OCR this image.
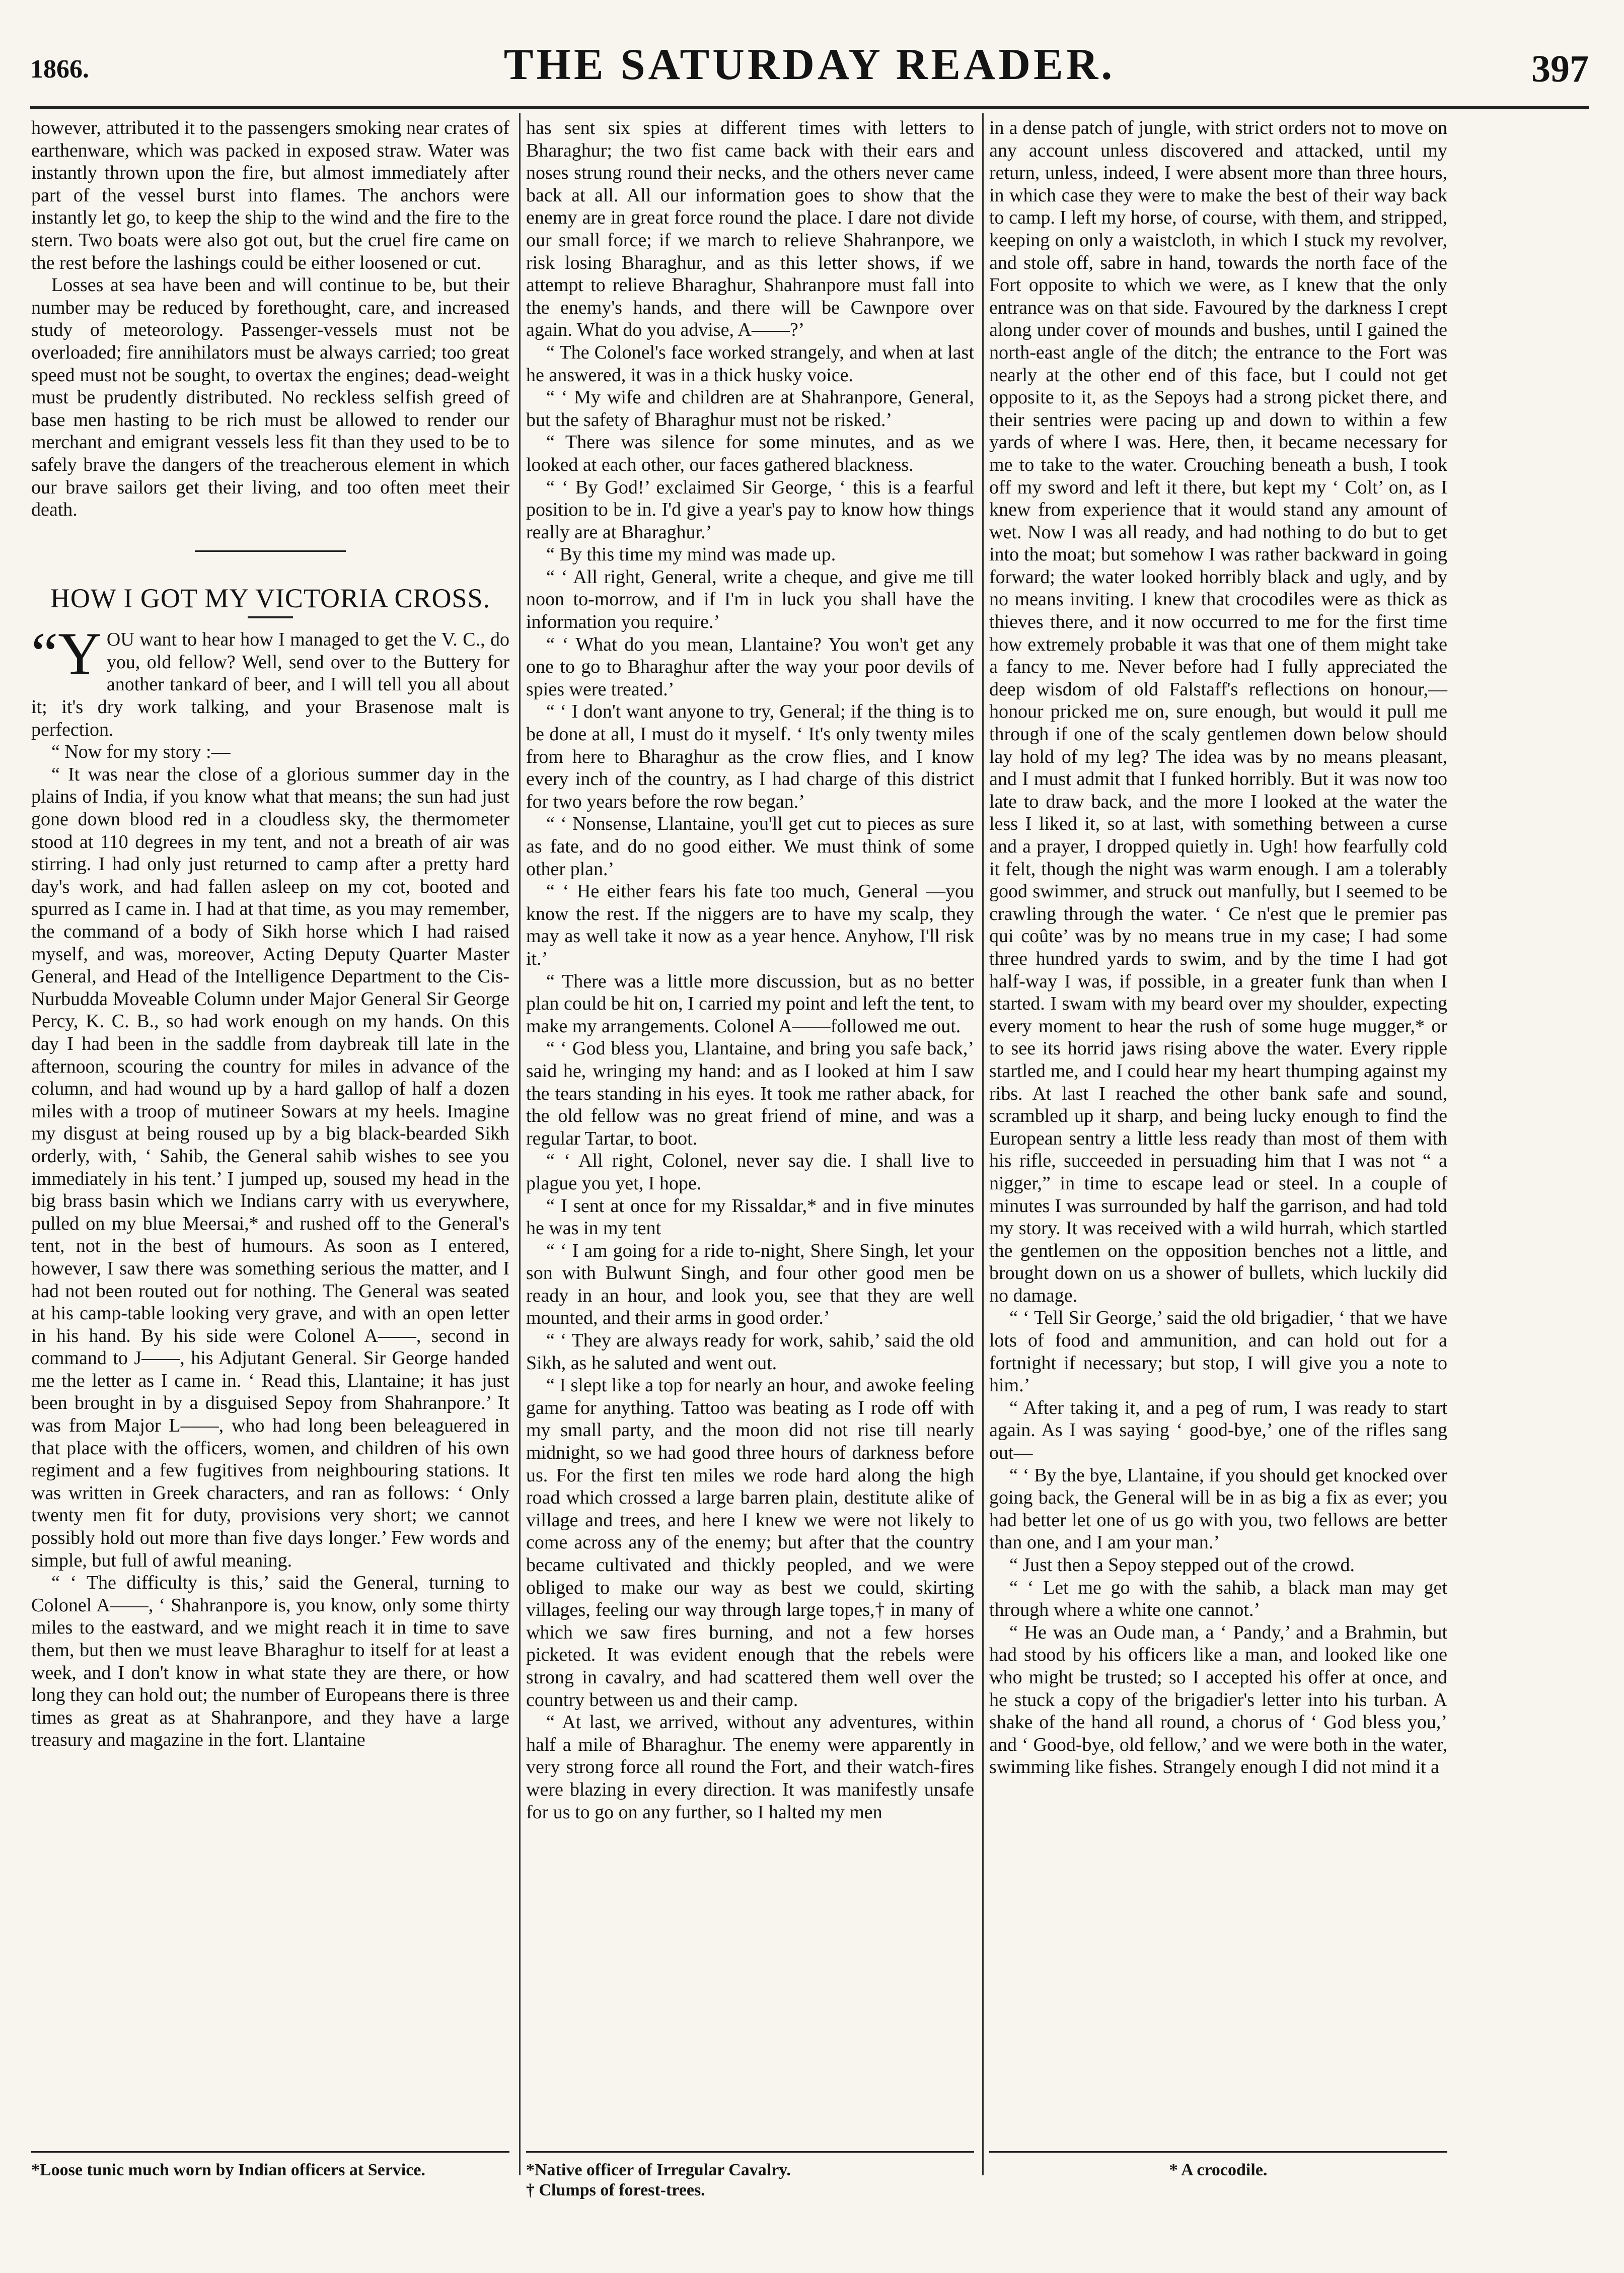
1866.	THE SATURDAY READER.	397

however, attributed it to the passengers smoking near crates of earthenware, which was packed in exposed straw. Water was instantly thrown upon the fire, but almost immediately after part of the vessel burst into flames. The anchors were instantly let go, to keep the ship to the wind and the fire to the stern. Two boats were also got out, but the cruel fire came on the rest before the lashings could be either loosened or cut.

Losses at sea have been and will continue to be, but their number may be reduced by forethought, care, and increased study of meteorology. Passenger-vessels must not be overloaded; fire annihilators must be always carried; too great speed must not be sought, to overtax the engines; dead-weight must be prudently distributed. No reckless selfish greed of base men hasting to be rich must be allowed to render our merchant and emigrant vessels less fit than they used to be to safely brave the dangers of the treacherous element in which our brave sailors get their living, and too often meet their death.

HOW I GOT MY VICTORIA CROSS.

“YOU want to hear how I managed to get the V. C., do you, old fellow? Well, send over to the Buttery for another tankard of beer, and I will tell you all about it; it's dry work talking, and your Brasenose malt is perfection.

“ Now for my story :—

“ It was near the close of a glorious summer day in the plains of India, if you know what that means; the sun had just gone down blood red in a cloudless sky, the thermometer stood at 110 degrees in my tent, and not a breath of air was stirring. I had only just returned to camp after a pretty hard day's work, and had fallen asleep on my cot, booted and spurred as I came in. I had at that time, as you may remember, the command of a body of Sikh horse which I had raised myself, and was, moreover, Acting Deputy Quarter Master General, and Head of the Intelligence Department to the Cis-Nurbudda Moveable Column under Major General Sir George Percy, K. C. B., so had work enough on my hands. On this day I had been in the saddle from daybreak till late in the afternoon, scouring the country for miles in advance of the column, and had wound up by a hard gallop of half a dozen miles with a troop of mutineer Sowars at my heels. Imagine my disgust at being roused up by a big black-bearded Sikh orderly, with, ‘ Sahib, the General sahib wishes to see you immediately in his tent.’ I jumped up, soused my head in the big brass basin which we Indians carry with us everywhere, pulled on my blue Meersai,* and rushed off to the General's tent, not in the best of humours. As soon as I entered, however, I saw there was something serious the matter, and I had not been routed out for nothing. The General was seated at his camp-table looking very grave, and with an open letter in his hand. By his side were Colonel A——, second in command to J——, his Adjutant General. Sir George handed me the letter as I came in. ‘ Read this, Llantaine; it has just been brought in by a disguised Sepoy from Shahranpore.’ It was from Major L——, who had long been beleaguered in that place with the officers, women, and children of his own regiment and a few fugitives from neighbouring stations. It was written in Greek characters, and ran as follows: ‘ Only twenty men fit for duty, provisions very short; we cannot possibly hold out more than five days longer.’ Few words and simple, but full of awful meaning.

“ ‘ The difficulty is this,’ said the General, turning to Colonel A——, ‘ Shahranpore is, you know, only some thirty miles to the eastward, and we might reach it in time to save them, but then we must leave Bharaghur to itself for at least a week, and I don't know in what state they are there, or how long they can hold out; the number of Europeans there is three times as great as at Shahranpore, and they have a large treasury and magazine in the fort. Llantaine

*Loose tunic much worn by Indian officers at Service.

has sent six spies at different times with letters to Bharaghur; the two fist came back with their ears and noses strung round their necks, and the others never came back at all. All our information goes to show that the enemy are in great force round the place. I dare not divide our small force; if we march to relieve Shahranpore, we risk losing Bharaghur, and as this letter shows, if we attempt to relieve Bharaghur, Shahranpore must fall into the enemy's hands, and there will be Cawnpore over again. What do you advise, A——?’

“ The Colonel's face worked strangely, and when at last he answered, it was in a thick husky voice.

“ ‘ My wife and children are at Shahranpore, General, but the safety of Bharaghur must not be risked.’

“ There was silence for some minutes, and as we looked at each other, our faces gathered blackness.

“ ‘ By God!’ exclaimed Sir George, ‘ this is a fearful position to be in. I'd give a year's pay to know how things really are at Bharaghur.’

“ By this time my mind was made up.

“ ‘ All right, General, write a cheque, and give me till noon to-morrow, and if I'm in luck you shall have the information you require.’

“ ‘ What do you mean, Llantaine? You won't get any one to go to Bharaghur after the way your poor devils of spies were treated.’

“ ‘ I don't want anyone to try, General; if the thing is to be done at all, I must do it myself. ‘ It's only twenty miles from here to Bharaghur as the crow flies, and I know every inch of the country, as I had charge of this district for two years before the row began.’

“ ‘ Nonsense, Llantaine, you'll get cut to pieces as sure as fate, and do no good either. We must think of some other plan.’

“ ‘ He either fears his fate too much, General —you know the rest. If the niggers are to have my scalp, they may as well take it now as a year hence. Anyhow, I'll risk it.’

“ There was a little more discussion, but as no better plan could be hit on, I carried my point and left the tent, to make my arrangements. Colonel A——followed me out.

“ ‘ God bless you, Llantaine, and bring you safe back,’ said he, wringing my hand: and as I looked at him I saw the tears standing in his eyes. It took me rather aback, for the old fellow was no great friend of mine, and was a regular Tartar, to boot.

“ ‘ All right, Colonel, never say die. I shall live to plague you yet, I hope.

“ I sent at once for my Rissaldar,* and in five minutes he was in my tent

“ ‘ I am going for a ride to-night, Shere Singh, let your son with Bulwunt Singh, and four other good men be ready in an hour, and look you, see that they are well mounted, and their arms in good order.’

“ ‘ They are always ready for work, sahib,’ said the old Sikh, as he saluted and went out.

“ I slept like a top for nearly an hour, and awoke feeling game for anything. Tattoo was beating as I rode off with my small party, and the moon did not rise till nearly midnight, so we had good three hours of darkness before us. For the first ten miles we rode hard along the high road which crossed a large barren plain, destitute alike of village and trees, and here I knew we were not likely to come across any of the enemy; but after that the country became cultivated and thickly peopled, and we were obliged to make our way as best we could, skirting villages, feeling our way through large topes,† in many of which we saw fires burning, and not a few horses picketed. It was evident enough that the rebels were strong in cavalry, and had scattered them well over the country between us and their camp.

“ At last, we arrived, without any adventures, within half a mile of Bharaghur. The enemy were apparently in very strong force all round the Fort, and their watch-fires were blazing in every direction. It was manifestly unsafe for us to go on any further, so I halted my men

*Native officer of Irregular Cavalry.
† Clumps of forest-trees.

in a dense patch of jungle, with strict orders not to move on any account unless discovered and attacked, until my return, unless, indeed, I were absent more than three hours, in which case they were to make the best of their way back to camp. I left my horse, of course, with them, and stripped, keeping on only a waistcloth, in which I stuck my revolver, and stole off, sabre in hand, towards the north face of the Fort opposite to which we were, as I knew that the only entrance was on that side. Favoured by the darkness I crept along under cover of mounds and bushes, until I gained the north-east angle of the ditch; the entrance to the Fort was nearly at the other end of this face, but I could not get opposite to it, as the Sepoys had a strong picket there, and their sentries were pacing up and down to within a few yards of where I was. Here, then, it became necessary for me to take to the water. Crouching beneath a bush, I took off my sword and left it there, but kept my ‘ Colt’ on, as I knew from experience that it would stand any amount of wet. Now I was all ready, and had nothing to do but to get into the moat; but somehow I was rather backward in going forward; the water looked horribly black and ugly, and by no means inviting. I knew that crocodiles were as thick as thieves there, and it now occurred to me for the first time how extremely probable it was that one of them might take a fancy to me. Never before had I fully appreciated the deep wisdom of old Falstaff's reflections on honour,—honour pricked me on, sure enough, but would it pull me through if one of the scaly gentlemen down below should lay hold of my leg? The idea was by no means pleasant, and I must admit that I funked horribly. But it was now too late to draw back, and the more I looked at the water the less I liked it, so at last, with something between a curse and a prayer, I dropped quietly in. Ugh! how fearfully cold it felt, though the night was warm enough. I am a tolerably good swimmer, and struck out manfully, but I seemed to be crawling through the water. ‘ Ce n'est que le premier pas qui coûte’ was by no means true in my case; I had some three hundred yards to swim, and by the time I had got half-way I was, if possible, in a greater funk than when I started. I swam with my beard over my shoulder, expecting every moment to hear the rush of some huge mugger,* or to see its horrid jaws rising above the water. Every ripple startled me, and I could hear my heart thumping against my ribs. At last I reached the other bank safe and sound, scrambled up it sharp, and being lucky enough to find the European sentry a little less ready than most of them with his rifle, succeeded in persuading him that I was not “ a nigger,” in time to escape lead or steel. In a couple of minutes I was surrounded by half the garrison, and had told my story. It was received with a wild hurrah, which startled the gentlemen on the opposition benches not a little, and brought down on us a shower of bullets, which luckily did no damage.

“ ‘ Tell Sir George,’ said the old brigadier, ‘ that we have lots of food and ammunition, and can hold out for a fortnight if necessary; but stop, I will give you a note to him.’

“ After taking it, and a peg of rum, I was ready to start again. As I was saying ‘ good-bye,’ one of the rifles sang out—

“ ‘ By the bye, Llantaine, if you should get knocked over going back, the General will be in as big a fix as ever; you had better let one of us go with you, two fellows are better than one, and I am your man.’

“ Just then a Sepoy stepped out of the crowd.

“ ‘ Let me go with the sahib, a black man may get through where a white one cannot.’

“ He was an Oude man, a ‘ Pandy,’ and a Brahmin, but had stood by his officers like a man, and looked like one who might be trusted; so I accepted his offer at once, and he stuck a copy of the brigadier's letter into his turban. A shake of the hand all round, a chorus of ‘ God bless you,’ and ‘ Good-bye, old fellow,’ and we were both in the water, swimming like fishes. Strangely enough I did not mind it a

* A crocodile.
